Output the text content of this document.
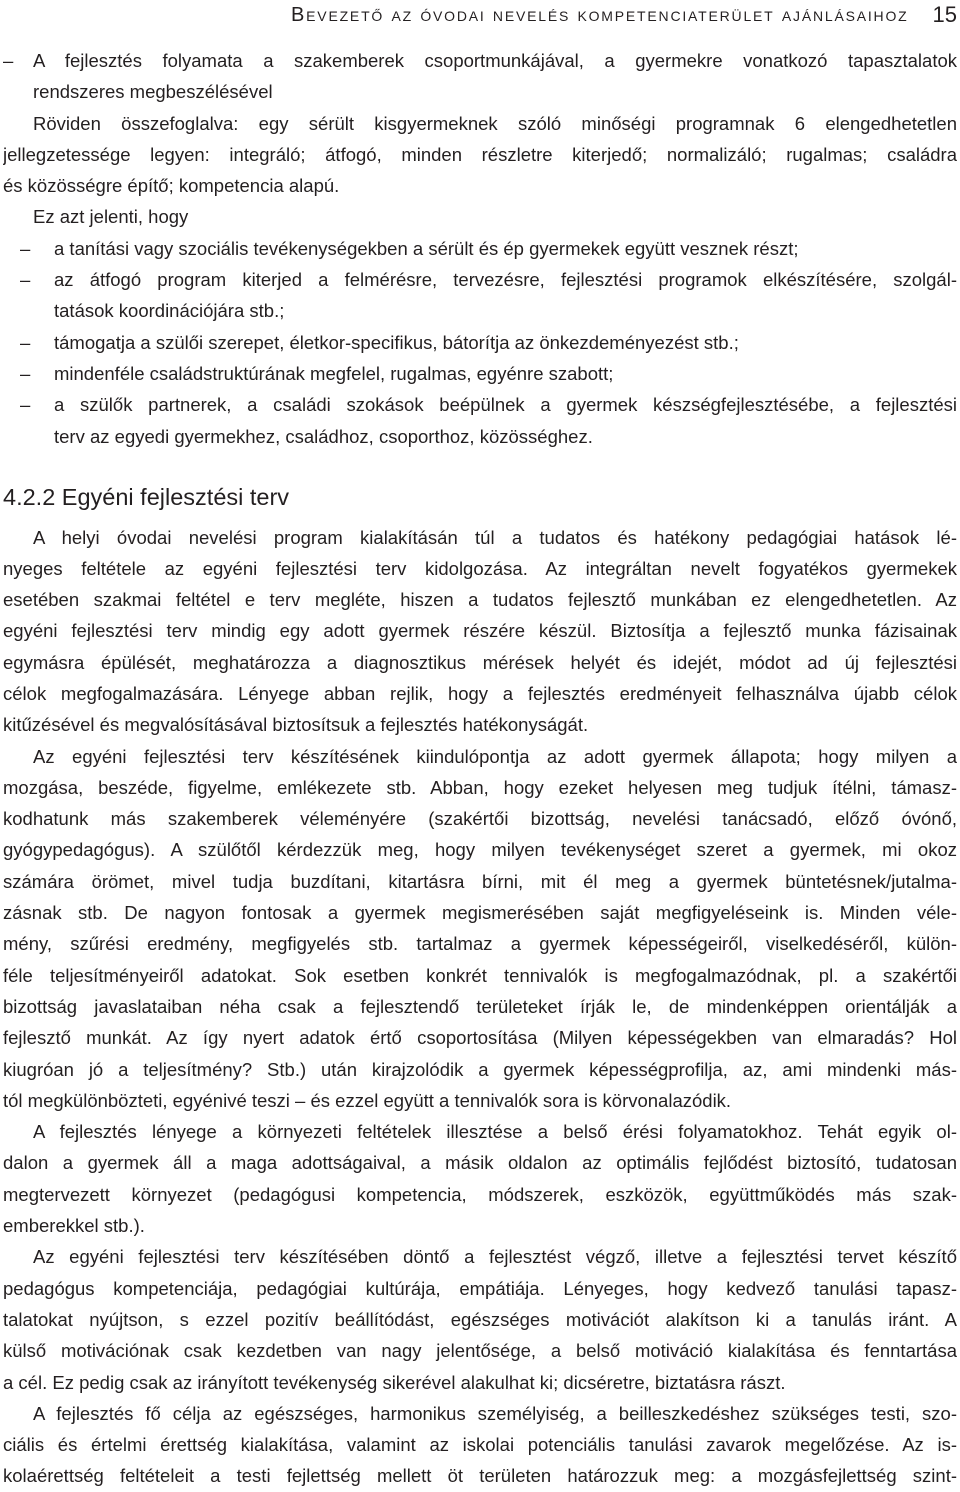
Bevezető az óvodai nevelés kompetenciaterület ajánlásaihoz 15
– A fejlesztés folyamata a szakemberek csoportmunkájával, a gyermekre vonatkozó tapasztalatok
rendszeres megbeszélésével
Röviden összefoglalva: egy sérült kisgyermeknek szóló minőségi programnak 6 elengedhetetlen
jellegzetessége legyen: integráló; átfogó, minden részletre kiterjedő; normalizáló; rugalmas; családra
és közösségre építő; kompetencia alapú.
Ez azt jelenti, hogy
– a tanítási vagy szociális tevékenységekben a sérült és ép gyermekek együtt vesznek részt;
– az átfogó program kiterjed a felmérésre, tervezésre, fejlesztési programok elkészítésére, szolgál-
tatások koordinációjára stb.;
– támogatja a szülői szerepet, életkor-specifikus, bátorítja az önkezdeményezést stb.;
– mindenféle családstruktúrának megfelel, rugalmas, egyénre szabott;
– a szülők partnerek, a családi szokások beépülnek a gyermek készségfejlesztésébe, a fejlesztési
terv az egyedi gyermekhez, családhoz, csoporthoz, közösséghez.
4.2.2 Egyéni fejlesztési terv
A helyi óvodai nevelési program kialakításán túl a tudatos és hatékony pedagógiai hatások lé-
nyeges feltétele az egyéni fejlesztési terv kidolgozása. Az integráltan nevelt fogyatékos gyermekek
esetében szakmai feltétel e terv megléte, hiszen a tudatos fejlesztő munkában ez elengedhetetlen. Az
egyéni fejlesztési terv mindig egy adott gyermek részére készül. Biztosítja a fejlesztő munka fázisainak
egymásra épülését, meghatározza a diagnosztikus mérések helyét és idejét, módot ad új fejlesztési
célok megfogalmazására. Lényege abban rejlik, hogy a fejlesztés eredményeit felhasználva újabb célok
kitűzésével és megvalósításával biztosítsuk a fejlesztés hatékonyságát.
Az egyéni fejlesztési terv készítésének kiindulópontja az adott gyermek állapota; hogy milyen a
mozgása, beszéde, figyelme, emlékezete stb. Abban, hogy ezeket helyesen meg tudjuk ítélni, támasz-
kodhatunk más szakemberek véleményére (szakértői bizottság, nevelési tanácsadó, előző óvónő,
gyógypedagógus). A szülőtől kérdezzük meg, hogy milyen tevékenységet szeret a gyermek, mi okoz
számára örömet, mivel tudja buzdítani, kitartásra bírni, mit él meg a gyermek büntetésnek/jutalma-
zásnak stb. De nagyon fontosak a gyermek megismerésében saját megfigyeléseink is. Minden véle-
mény, szűrési eredmény, megfigyelés stb. tartalmaz a gyermek képességeiről, viselkedéséről, külön-
féle teljesítményeiről adatokat. Sok esetben konkrét tennivalók is megfogalmazódnak, pl. a szakértői
bizottság javaslataiban néha csak a fejlesztendő területeket írják le, de mindenképpen orientálják a
fejlesztő munkát. Az így nyert adatok értő csoportosítása (Milyen képességekben van elmaradás? Hol
kiugróan jó a teljesítmény? Stb.) után kirajzolódik a gyermek képességprofilja, az, ami mindenki más-
tól megkülönbözteti, egyénivé teszi – és ezzel együtt a tennivalók sora is körvonalazódik.
A fejlesztés lényege a környezeti feltételek illesztése a belső érési folyamatokhoz. Tehát egyik ol-
dalon a gyermek áll a maga adottságaival, a másik oldalon az optimális fejlődést biztosító, tudatosan
megtervezett környezet (pedagógusi kompetencia, módszerek, eszközök, együttműködés más szak-
emberekkel stb.).
Az egyéni fejlesztési terv készítésében döntő a fejlesztést végző, illetve a fejlesztési tervet készítő
pedagógus kompetenciája, pedagógiai kultúrája, empátiája. Lényeges, hogy kedvező tanulási tapasz-
talatokat nyújtson, s ezzel pozitív beállítódást, egészséges motivációt alakítson ki a tanulás iránt. A
külső motivációnak csak kezdetben van nagy jelentősége, a belső motiváció kialakítása és fenntartása
a cél. Ez pedig csak az irányított tevékenység sikerével alakulhat ki; dicséretre, biztatásra rászt.
A fejlesztés fő célja az egészséges, harmonikus személyiség, a beilleszkedéshez szükséges testi, szo-
ciális és értelmi érettség kialakítása, valamint az iskolai potenciális tanulási zavarok megelőzése. Az is-
kolaérettség feltételeit a testi fejlettség mellett öt területen határozzuk meg: a mozgásfejlettség szint-
